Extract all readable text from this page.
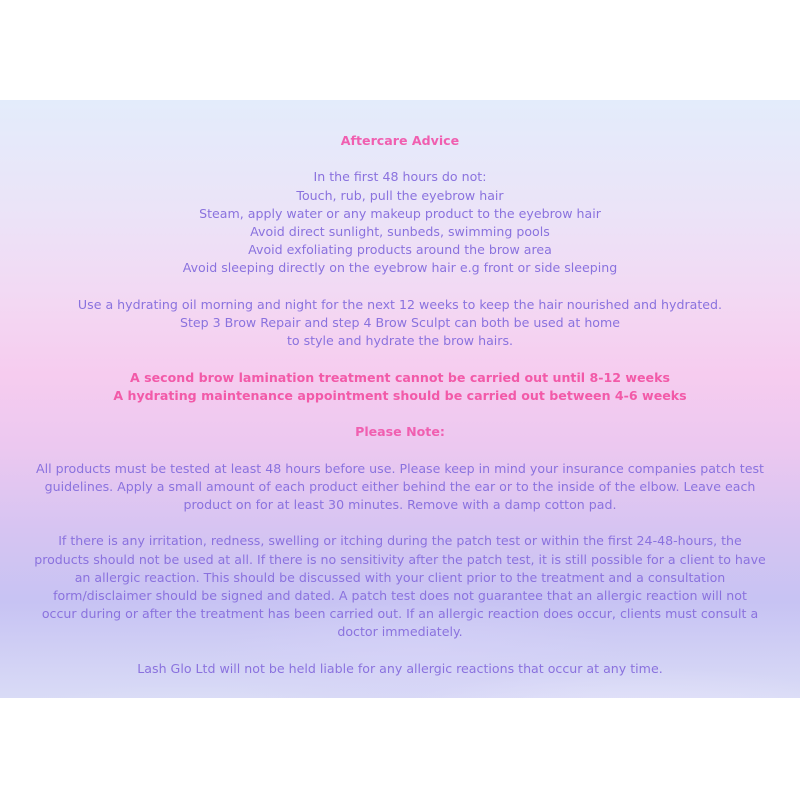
Aftercare Advice
In the first 48 hours do not:
Touch, rub, pull the eyebrow hair
Steam, apply water or any makeup product to the eyebrow hair
Avoid direct sunlight, sunbeds, swimming pools
Avoid exfoliating products around the brow area
Avoid sleeping directly on the eyebrow hair e.g front or side sleeping
Use a hydrating oil morning and night for the next 12 weeks to keep the hair nourished and hydrated.
Step 3 Brow Repair and step 4 Brow Sculpt can both be used at home
to style and hydrate the brow hairs.
A second brow lamination treatment cannot be carried out until 8-12 weeks
A hydrating maintenance appointment should be carried out between 4-6 weeks
Please Note:
All products must be tested at least 48 hours before use. Please keep in mind your insurance companies patch test
guidelines. Apply a small amount of each product either behind the ear or to the inside of the elbow. Leave each
product on for at least 30 minutes. Remove with a damp cotton pad.
If there is any irritation, redness, swelling or itching during the patch test or within the first 24-48-hours, the
products should not be used at all. If there is no sensitivity after the patch test, it is still possible for a client to have
an allergic reaction. This should be discussed with your client prior to the treatment and a consultation
form/disclaimer should be signed and dated. A patch test does not guarantee that an allergic reaction will not
occur during or after the treatment has been carried out. If an allergic reaction does occur, clients must consult a
doctor immediately.
Lash Glo Ltd will not be held liable for any allergic reactions that occur at any time.
